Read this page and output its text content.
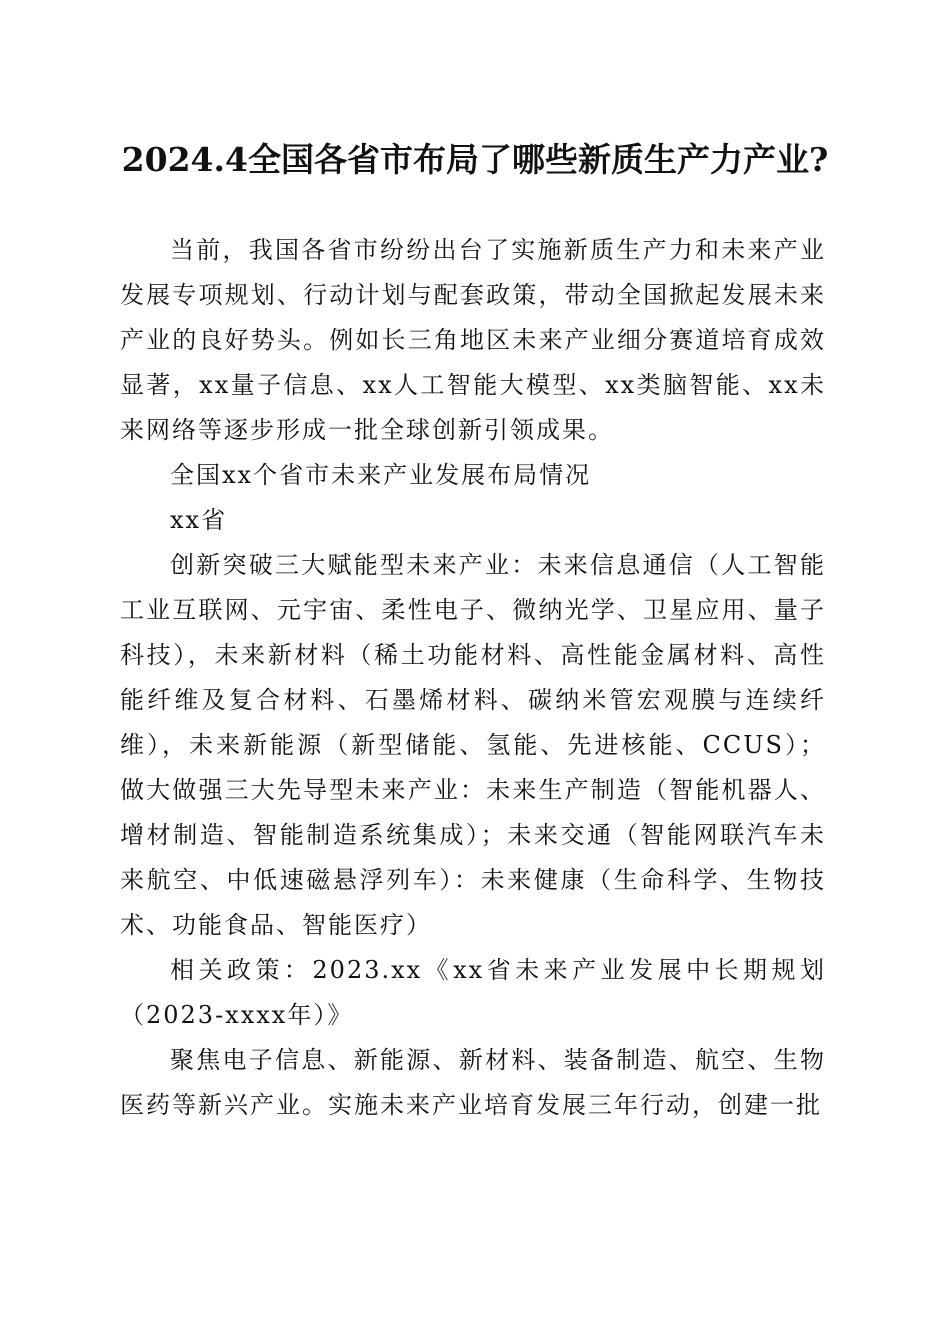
2024.4全国各省市布局了哪些新质生产力产业?

当前，我国各省市纷纷出台了实施新质生产力和未来产业发展专项规划、行动计划与配套政策，带动全国掀起发展未来产业的良好势头。例如长三角地区未来产业细分赛道培育成效显著，xx量子信息、xx人工智能大模型、xx类脑智能、xx未来网络等逐步形成一批全球创新引领成果。

全国xx个省市未来产业发展布局情况

xx省

创新突破三大赋能型未来产业：未来信息通信（人工智能工业互联网、元宇宙、柔性电子、微纳光学、卫星应用、量子科技），未来新材料（稀土功能材料、高性能金属材料、高性能纤维及复合材料、石墨烯材料、碳纳米管宏观膜与连续纤维），未来新能源（新型储能、氢能、先进核能、CCUS）；做大做强三大先导型未来产业：未来生产制造（智能机器人、增材制造、智能制造系统集成）；未来交通（智能网联汽车未来航空、中低速磁悬浮列车）：未来健康（生命科学、生物技术、功能食品、智能医疗）

相关政策：2023.xx《xx省未来产业发展中长期规划（2023-xxxx年）》

聚焦电子信息、新能源、新材料、装备制造、航空、生物医药等新兴产业。实施未来产业培育发展三年行动，创建一批
